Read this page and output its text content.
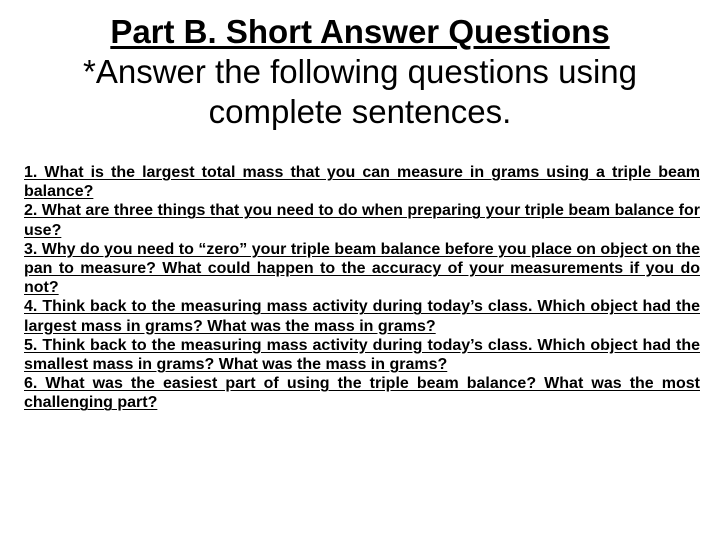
Part B. Short Answer Questions
*Answer the following questions using
complete sentences.
1. What is the largest total mass that you can measure in grams using a triple beam balance?
2. What are three things that you need to do when preparing your triple beam balance for use?
3. Why do you need to “zero” your triple beam balance before you place on object on the pan to measure? What could happen to the accuracy of your measurements if you do not?
4. Think back to the measuring mass activity during today’s class. Which object had the largest mass in grams? What was the mass in grams?
5. Think back to the measuring mass activity during today’s class. Which object had the smallest mass in grams? What was the mass in grams?
6. What was the easiest part of using the triple beam balance? What was the most challenging part?
